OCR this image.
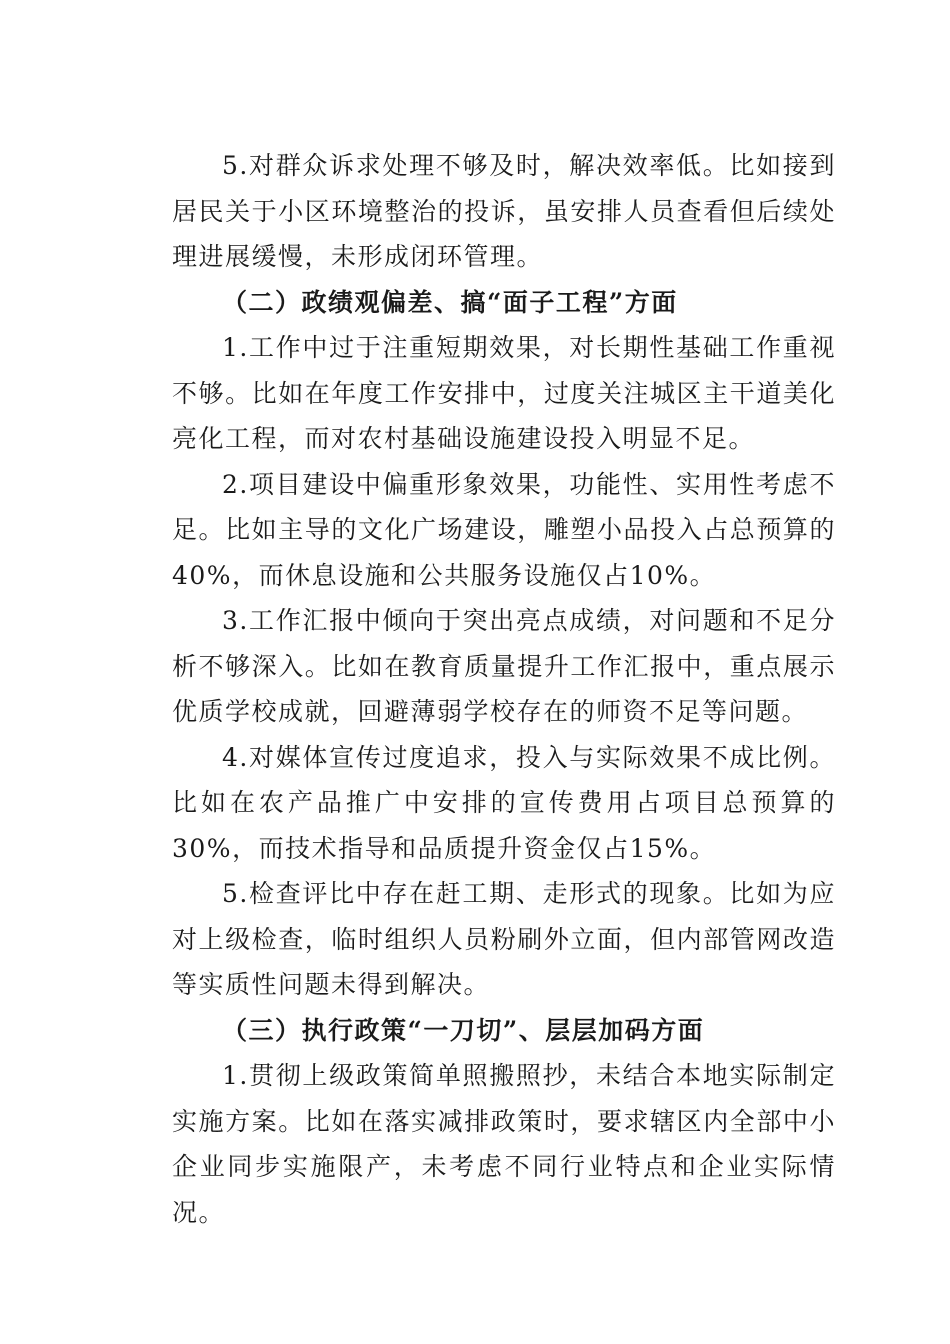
5.对群众诉求处理不够及时，解决效率低。比如接到居民关于小区环境整治的投诉，虽安排人员查看但后续处理进展缓慢，未形成闭环管理。

（二）政绩观偏差、搞“面子工程”方面

1.工作中过于注重短期效果，对长期性基础工作重视不够。比如在年度工作安排中，过度关注城区主干道美化亮化工程，而对农村基础设施建设投入明显不足。

2.项目建设中偏重形象效果，功能性、实用性考虑不足。比如主导的文化广场建设，雕塑小品投入占总预算的40%，而休息设施和公共服务设施仅占10%。

3.工作汇报中倾向于突出亮点成绩，对问题和不足分析不够深入。比如在教育质量提升工作汇报中，重点展示优质学校成就，回避薄弱学校存在的师资不足等问题。

4.对媒体宣传过度追求，投入与实际效果不成比例。比如在农产品推广中安排的宣传费用占项目总预算的30%，而技术指导和品质提升资金仅占15%。

5.检查评比中存在赶工期、走形式的现象。比如为应对上级检查，临时组织人员粉刷外立面，但内部管网改造等实质性问题未得到解决。

（三）执行政策“一刀切”、层层加码方面

1.贯彻上级政策简单照搬照抄，未结合本地实际制定实施方案。比如在落实减排政策时，要求辖区内全部中小企业同步实施限产，未考虑不同行业特点和企业实际情况。
